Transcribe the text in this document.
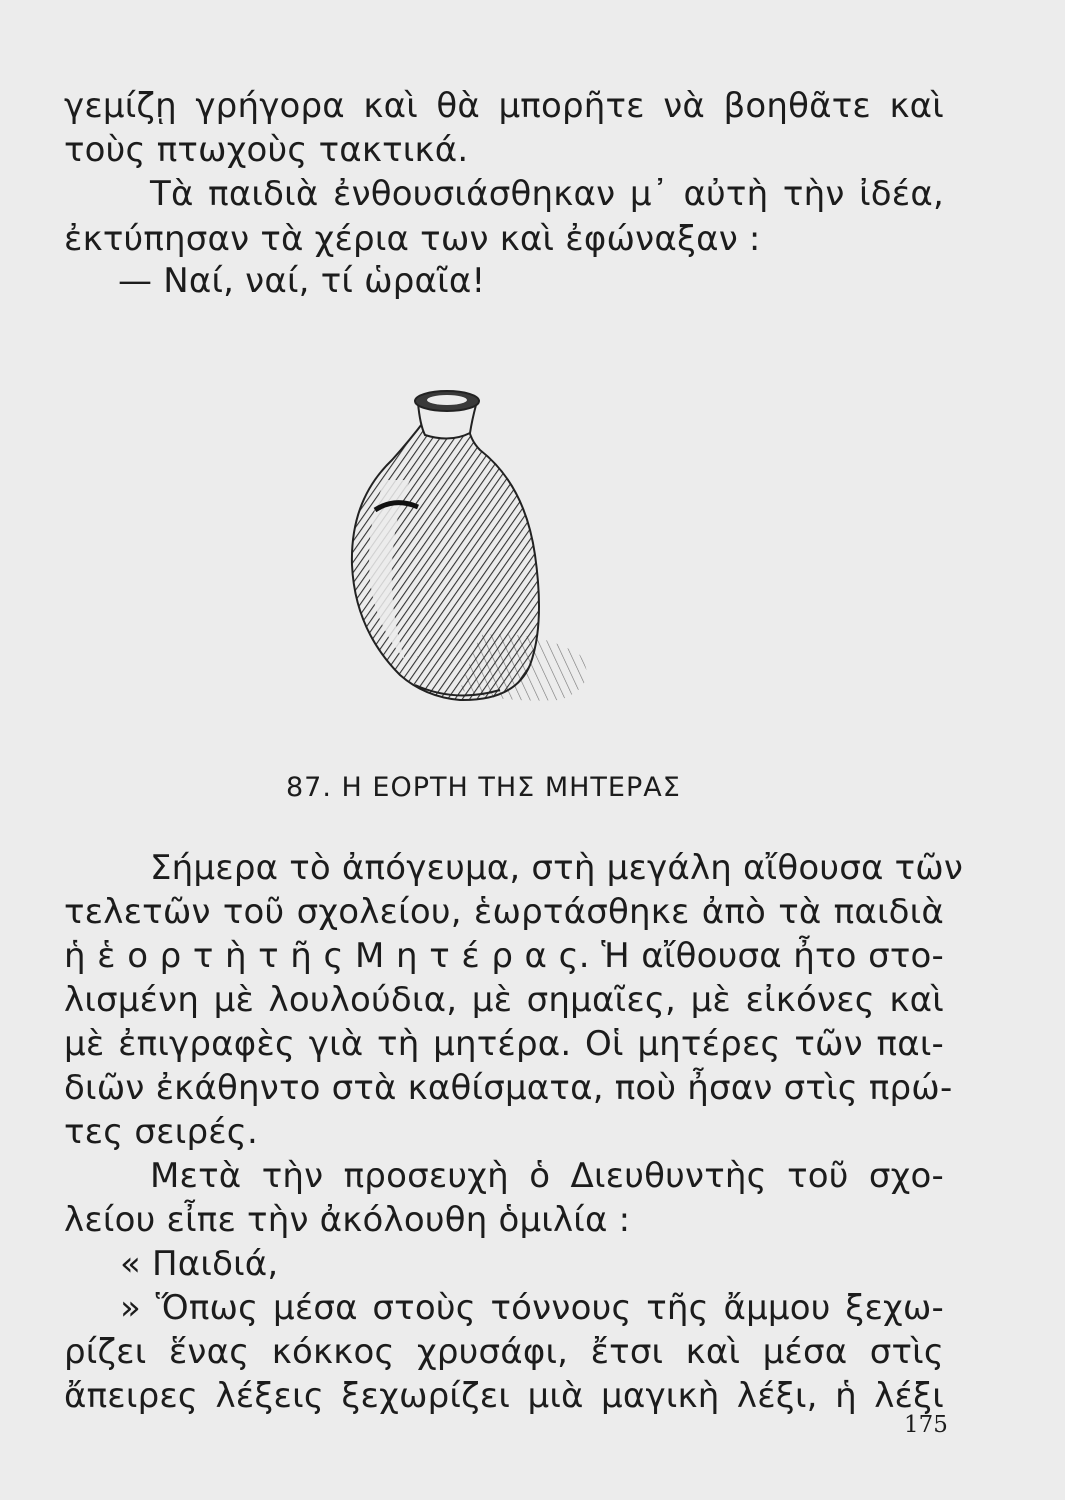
γεμίζῃ γρήγορα καὶ θὰ μπορῆτε νὰ βοηθᾶτε καὶ
τοὺς πτωχοὺς τακτικά.
Τὰ παιδιὰ ἐνθουσιάσθηκαν μ᾿ αὐτὴ τὴν ἰδέα,
ἐκτύπησαν τὰ χέρια των καὶ ἐφώναξαν :
— Ναί, ναί, τί ὡραῖα!
87. Η ΕΟΡΤΗ ΤΗΣ ΜΗΤΕΡΑΣ
Σήμερα τὸ ἀπόγευμα, στὴ μεγάλη αἴθουσα τῶν
τελετῶν τοῦ σχολείου, ἑωρτάσθηκε ἀπὸ τὰ παιδιὰ
ἡ ἑ ο ρ τ ὴ τ ῆ ς Μ η τ έ ρ α ς. Ἡ αἴθουσα ἦτο στο-
λισμένη μὲ λουλούδια, μὲ σημαῖες, μὲ εἰκόνες καὶ
μὲ ἐπιγραφὲς γιὰ τὴ μητέρα. Οἱ μητέρες τῶν παι-
διῶν ἐκάθηντο στὰ καθίσματα, ποὺ ἦσαν στὶς πρώ-
τες σειρές.
Μετὰ τὴν προσευχὴ ὁ Διευθυντὴς τοῦ σχο-
λείου εἶπε τὴν ἀκόλουθη ὁμιλία :
« Παιδιά,
» Ὅπως μέσα στοὺς τόννους τῆς ἄμμου ξεχω-
ρίζει ἕνας κόκκος χρυσάφι, ἔτσι καὶ μέσα στὶς
ἄπειρες λέξεις ξεχωρίζει μιὰ μαγικὴ λέξι, ἡ λέξι
175
